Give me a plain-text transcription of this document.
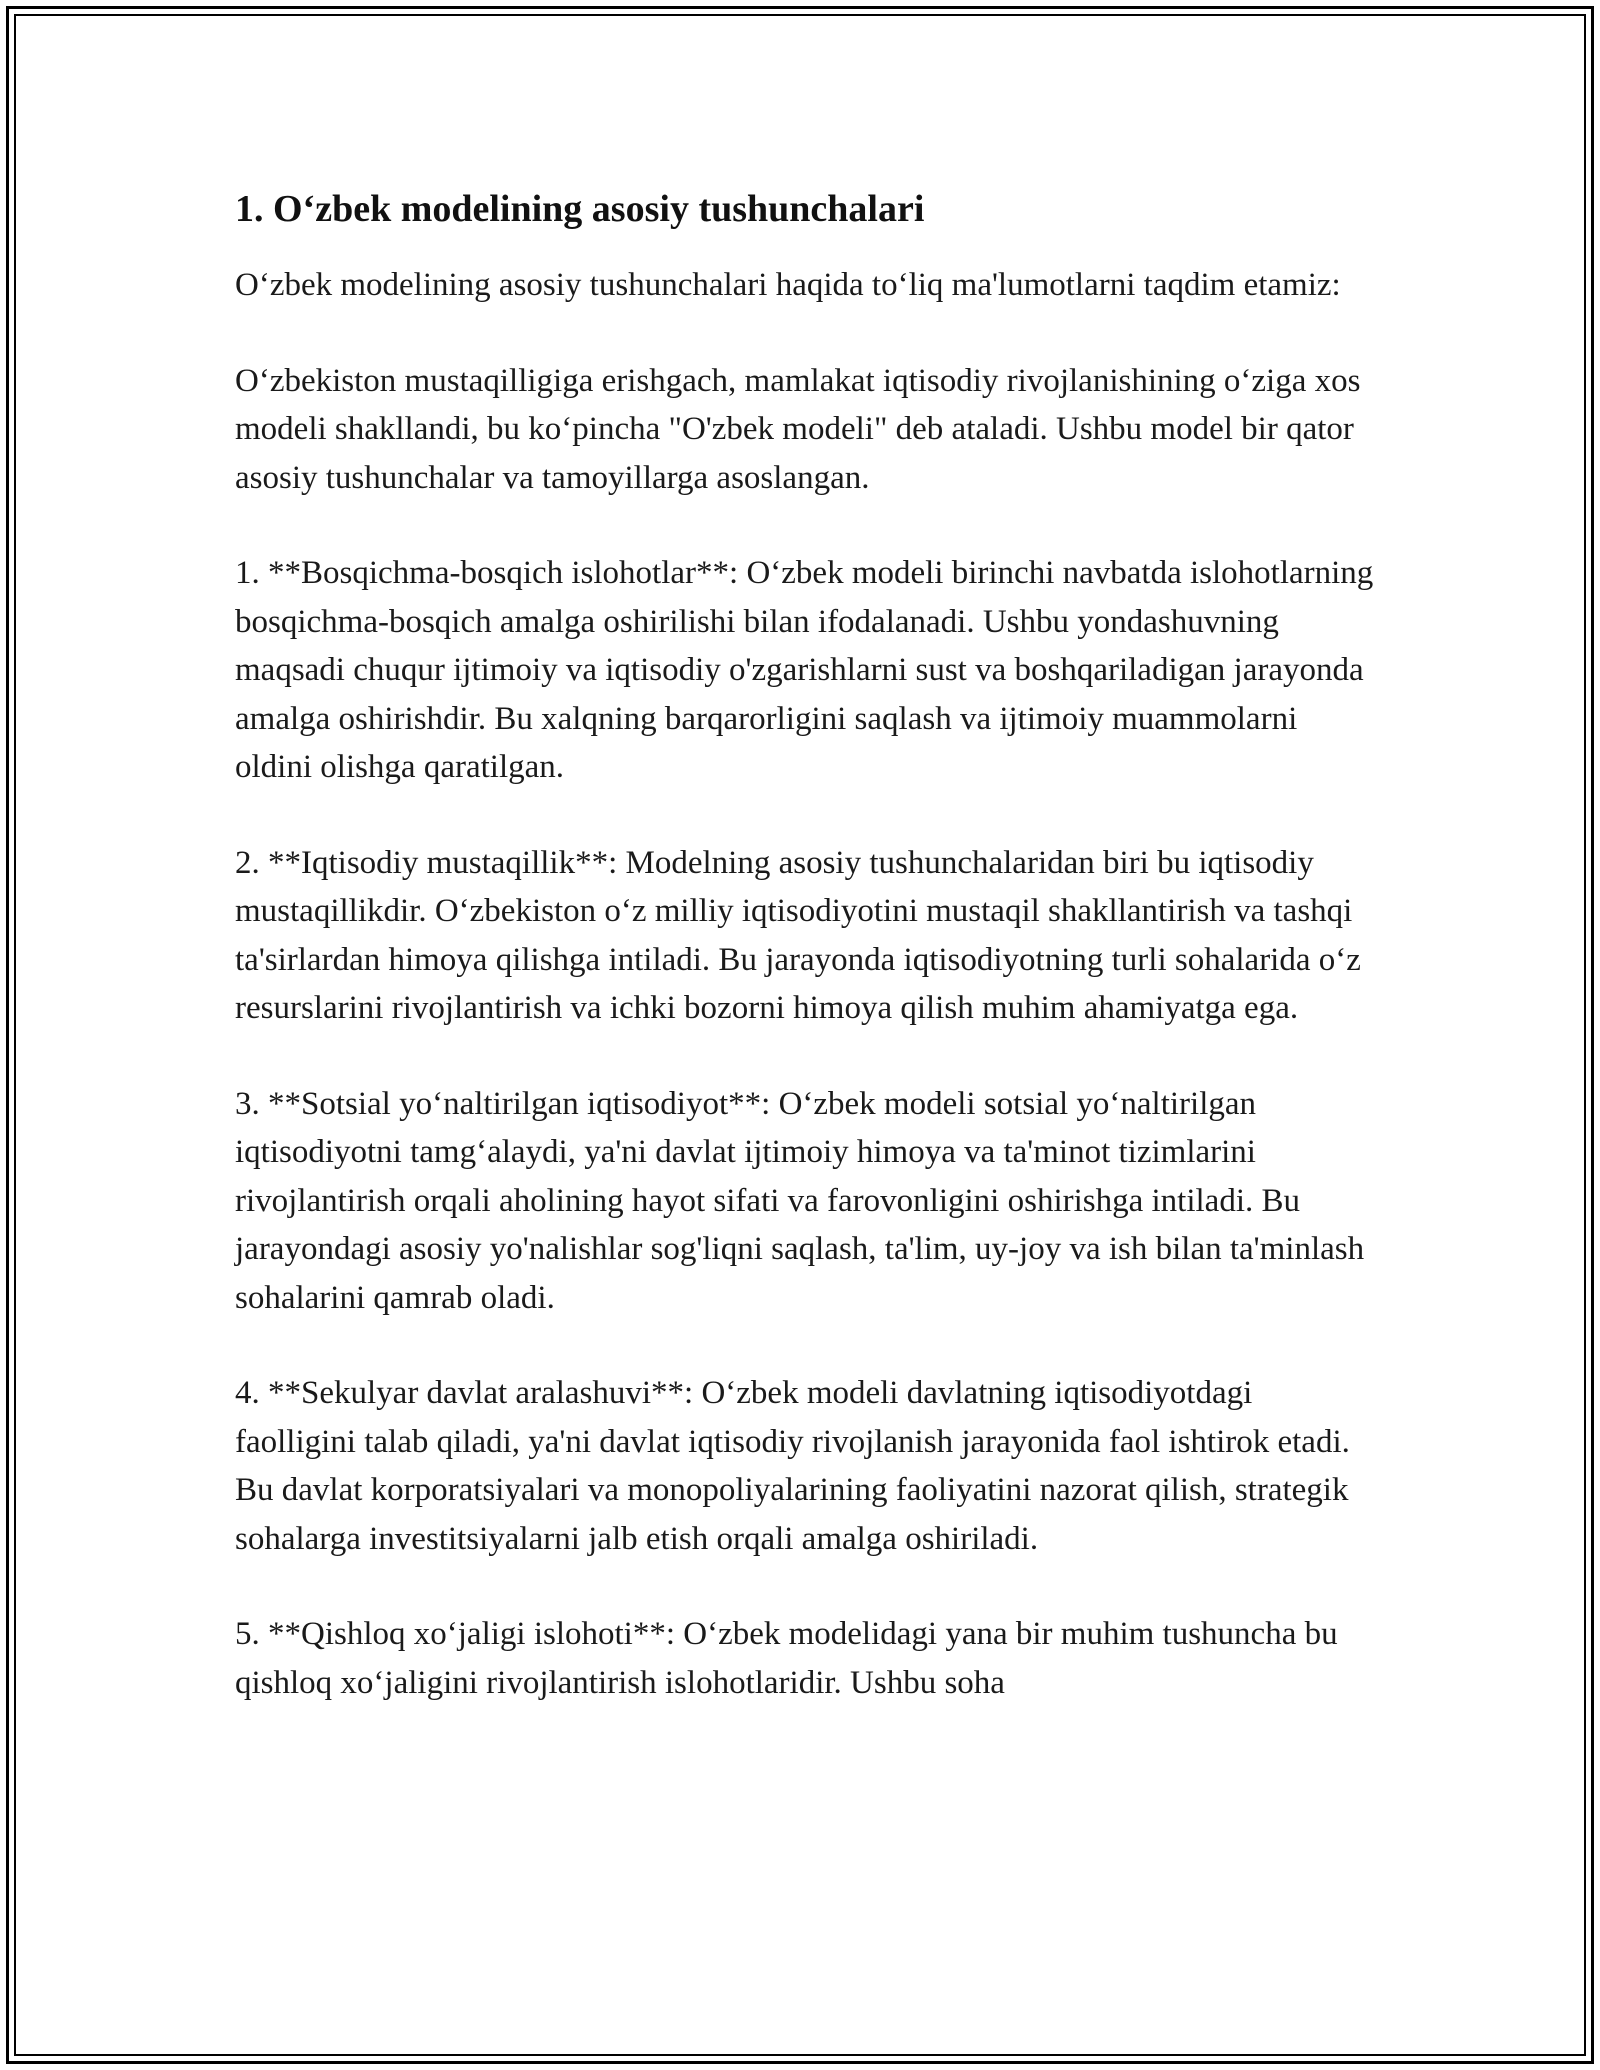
1. O‘zbek modelining asosiy tushunchalari

O‘zbek modelining asosiy tushunchalari haqida to‘liq ma'lumotlarni taqdim etamiz:

O‘zbekiston mustaqilligiga erishgach, mamlakat iqtisodiy rivojlanishining o‘ziga xos modeli shakllandi, bu ko‘pincha "O'zbek modeli" deb ataladi. Ushbu model bir qator asosiy tushunchalar va tamoyillarga asoslangan.

1. **Bosqichma-bosqich islohotlar**: O‘zbek modeli birinchi navbatda islohotlarning bosqichma-bosqich amalga oshirilishi bilan ifodalanadi. Ushbu yondashuvning maqsadi chuqur ijtimoiy va iqtisodiy o'zgarishlarni sust va boshqariladigan jarayonda amalga oshirishdir. Bu xalqning barqarorligini saqlash va ijtimoiy muammolarni oldini olishga qaratilgan.

2. **Iqtisodiy mustaqillik**: Modelning asosiy tushunchalaridan biri bu iqtisodiy mustaqillikdir. O‘zbekiston o‘z milliy iqtisodiyotini mustaqil shakllantirish va tashqi ta'sirlardan himoya qilishga intiladi. Bu jarayonda iqtisodiyotning turli sohalarida o‘z resurslarini rivojlantirish va ichki bozorni himoya qilish muhim ahamiyatga ega.

3. **Sotsial yo‘naltirilgan iqtisodiyot**: O‘zbek modeli sotsial yo‘naltirilgan iqtisodiyotni tamg‘alaydi, ya'ni davlat ijtimoiy himoya va ta'minot tizimlarini rivojlantirish orqali aholining hayot sifati va farovonligini oshirishga intiladi. Bu jarayondagi asosiy yo'nalishlar sog'liqni saqlash, ta'lim, uy-joy va ish bilan ta'minlash sohalarini qamrab oladi.

4. **Sekulyar davlat aralashuvi**: O‘zbek modeli davlatning iqtisodiyotdagi faolligini talab qiladi, ya'ni davlat iqtisodiy rivojlanish jarayonida faol ishtirok etadi. Bu davlat korporatsiyalari va monopoliyalarining faoliyatini nazorat qilish, strategik sohalarga investitsiyalarni jalb etish orqali amalga oshiriladi.

5. **Qishloq xo‘jaligi islohoti**: O‘zbek modelidagi yana bir muhim tushuncha bu qishloq xo‘jaligini rivojlantirish islohotlaridir. Ushbu soha
